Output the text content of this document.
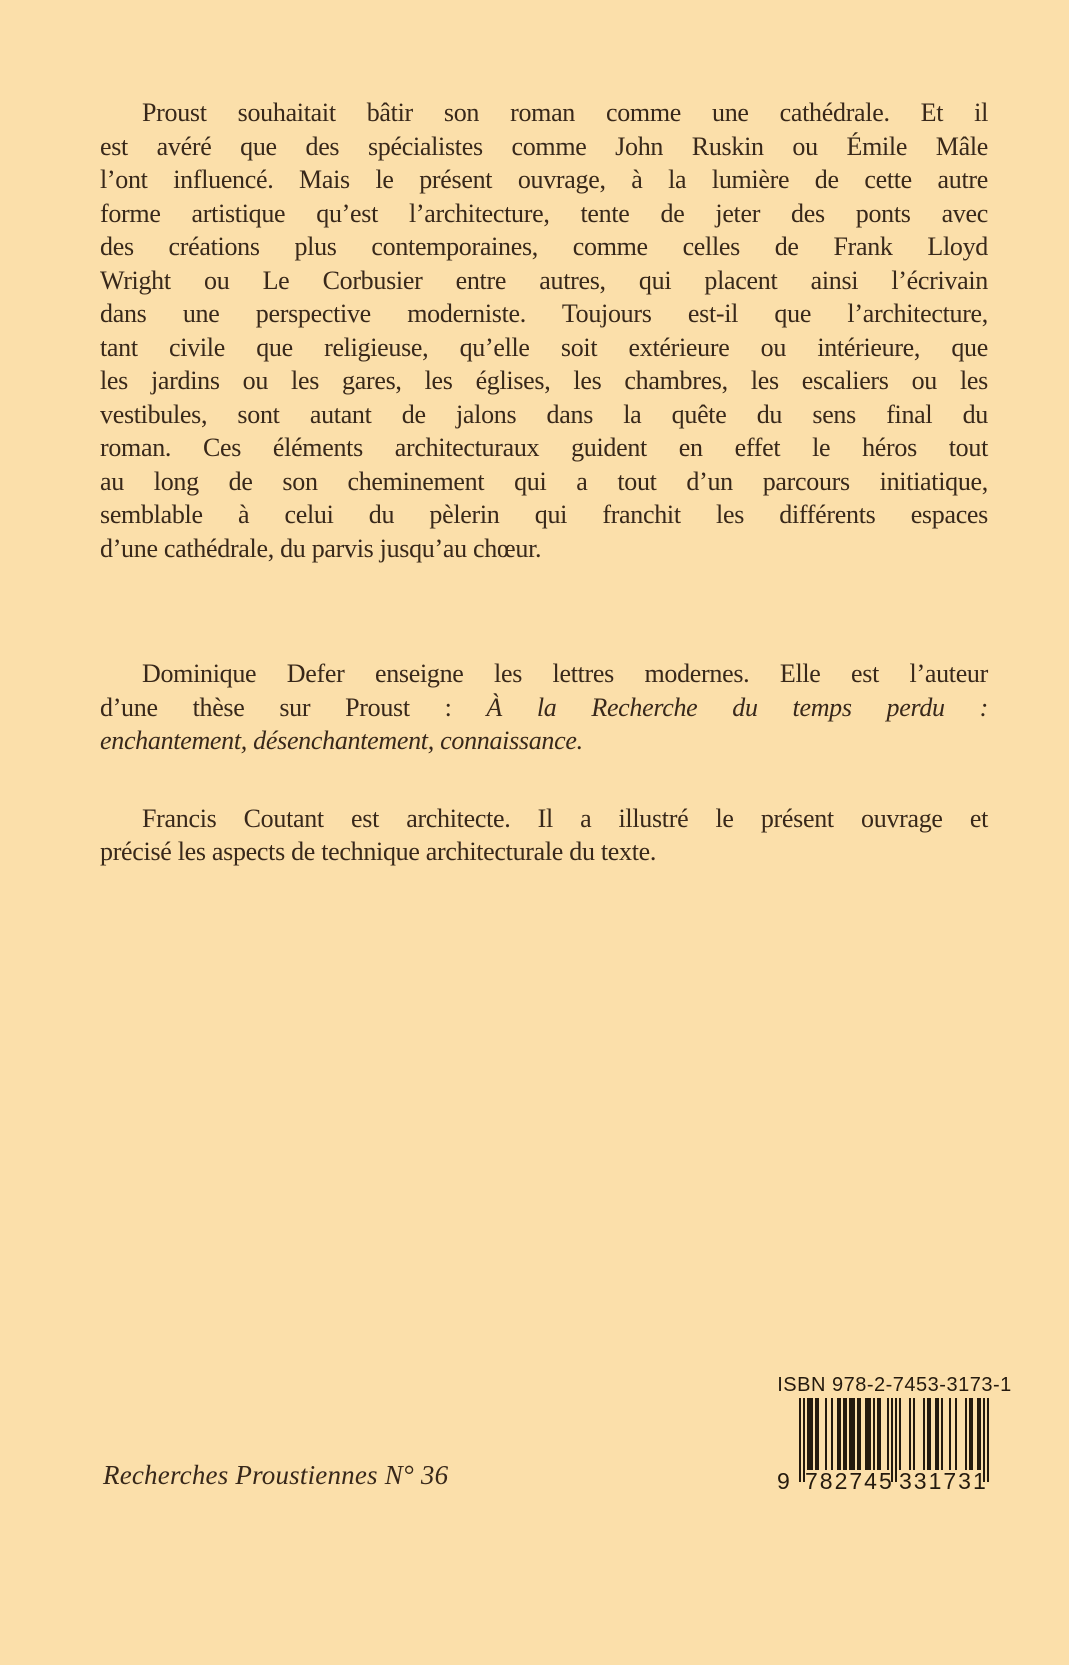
Proust souhaitait bâtir son roman comme une cathédrale. Et il
est avéré que des spécialistes comme John Ruskin ou Émile Mâle
l’ont influencé. Mais le présent ouvrage, à la lumière de cette autre
forme artistique qu’est l’architecture, tente de jeter des ponts avec
des créations plus contemporaines, comme celles de Frank Lloyd
Wright ou Le Corbusier entre autres, qui placent ainsi l’écrivain
dans une perspective moderniste. Toujours est-il que l’architecture,
tant civile que religieuse, qu’elle soit extérieure ou intérieure, que
les jardins ou les gares, les églises, les chambres, les escaliers ou les
vestibules, sont autant de jalons dans la quête du sens final du
roman. Ces éléments architecturaux guident en effet le héros tout
au long de son cheminement qui a tout d’un parcours initiatique,
semblable à celui du pèlerin qui franchit les différents espaces
d’une cathédrale, du parvis jusqu’au chœur.
Dominique Defer enseigne les lettres modernes. Elle est l’auteur
d’une thèse sur Proust : À la Recherche du temps perdu :
enchantement, désenchantement, connaissance.
Francis Coutant est architecte. Il a illustré le présent ouvrage et
précisé les aspects de technique architecturale du texte.
Recherches Proustiennes N° 36
ISBN 978-2-7453-3173-1
9 782745 331731
